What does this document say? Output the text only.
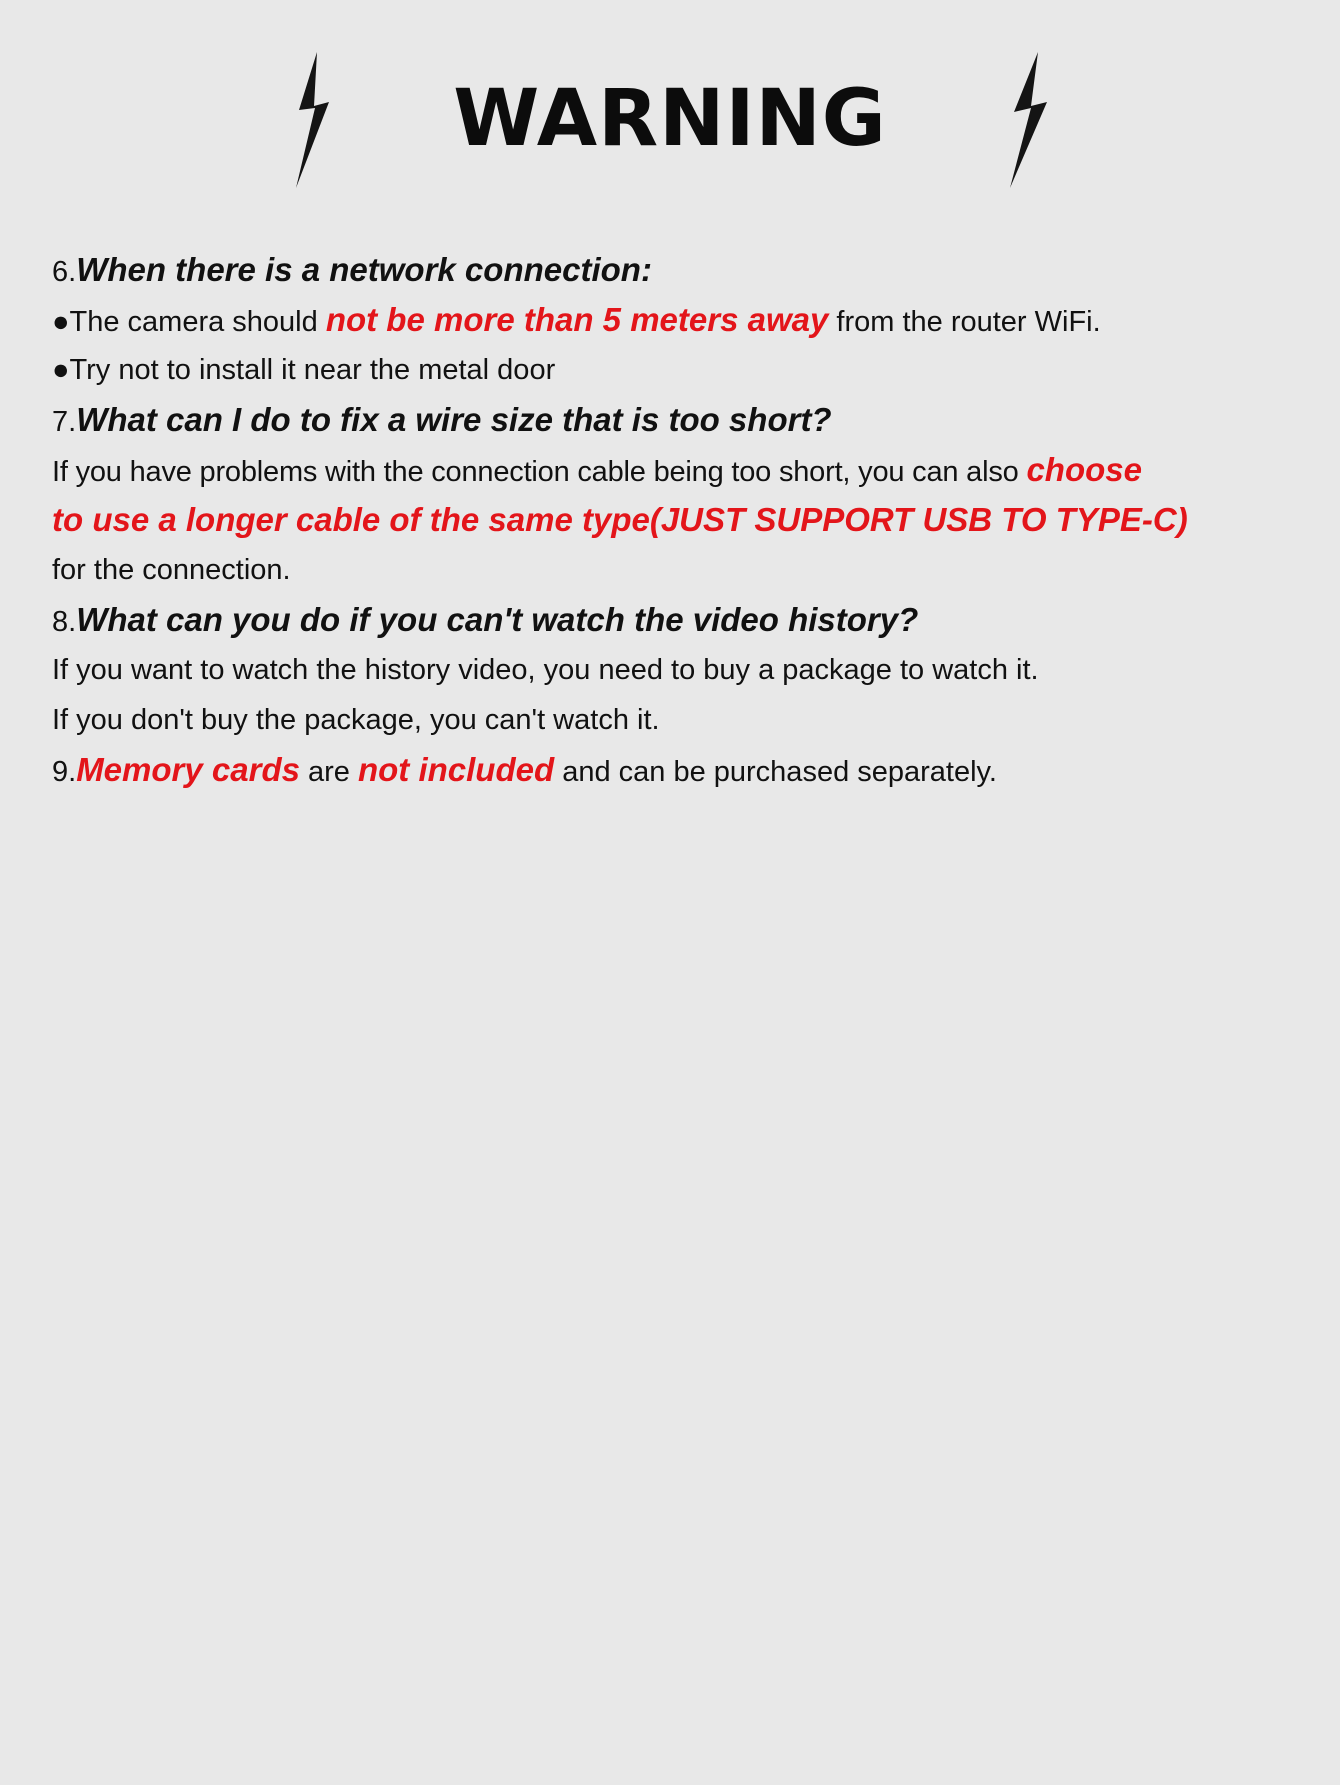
WARNING
6.When there is a network connection:
●The camera should not be more than 5 meters away from the router WiFi.
●Try not to install it near the metal door
7.What can I do to fix a wire size that is too short?
If you have problems with the connection cable being too short, you can also choose
to use a longer cable of the same type(JUST SUPPORT USB TO TYPE-C)
for the connection.
8.What can you do if you can't watch the video history?
If you want to watch the history video, you need to buy a package to watch it.
If you don't buy the package, you can't watch it.
9.Memory cards are not included and can be purchased separately.
